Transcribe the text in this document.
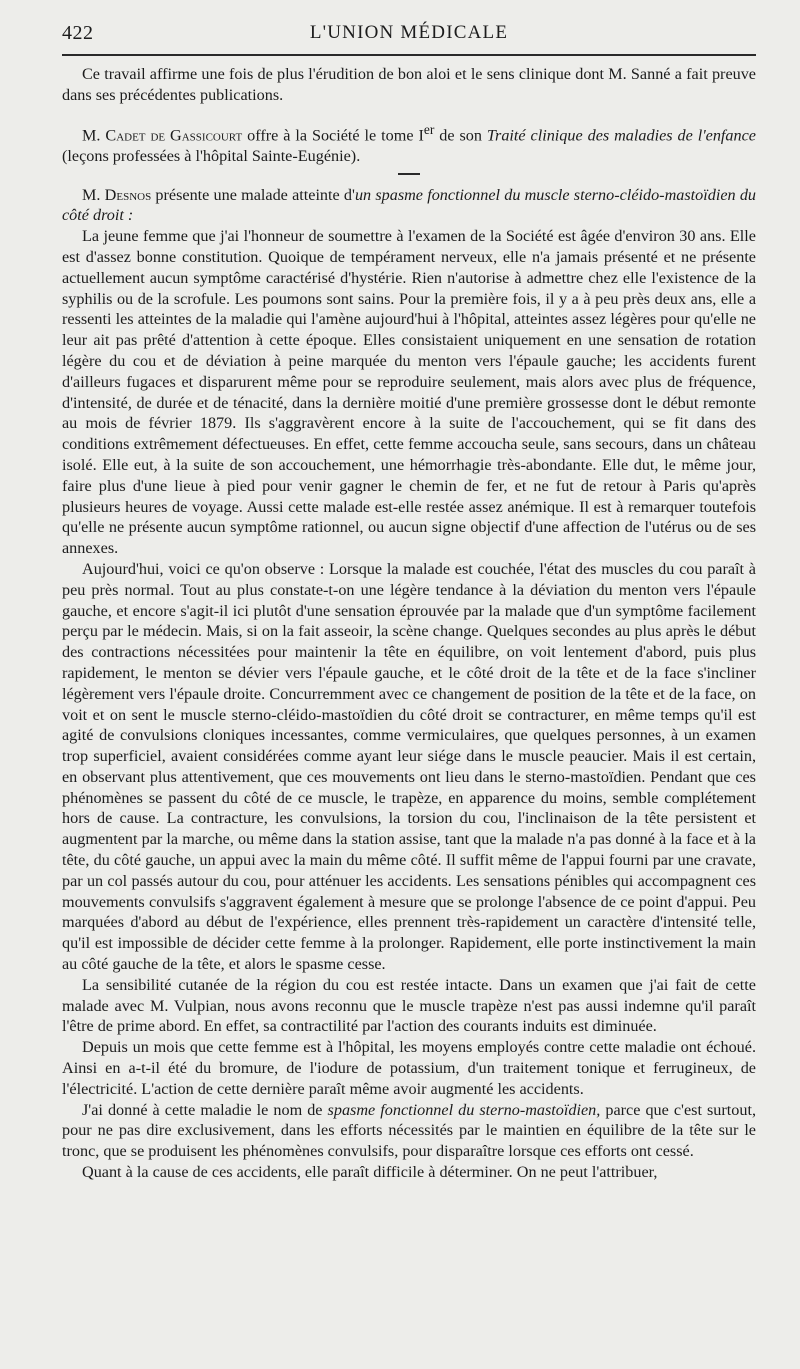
422	L'UNION MÉDICALE

Ce travail affirme une fois de plus l'érudition de bon aloi et le sens clinique dont M. Sanné a fait preuve dans ses précédentes publications.

M. Cadet de Gassicourt offre à la Société le tome Ier de son Traité clinique des maladies de l'enfance (leçons professées à l'hôpital Sainte-Eugénie).

M. Desnos présente une malade atteinte d'un spasme fonctionnel du muscle sterno-cléido-mastoïdien du côté droit :

La jeune femme que j'ai l'honneur de soumettre à l'examen de la Société est âgée d'environ 30 ans. Elle est d'assez bonne constitution. Quoique de tempérament nerveux, elle n'a jamais présenté et ne présente actuellement aucun symptôme caractérisé d'hystérie. Rien n'autorise à admettre chez elle l'existence de la syphilis ou de la scrofule. Les poumons sont sains. Pour la première fois, il y a à peu près deux ans, elle a ressenti les atteintes de la maladie qui l'amène aujourd'hui à l'hôpital, atteintes assez légères pour qu'elle ne leur ait pas prêté d'attention à cette époque. Elles consistaient uniquement en une sensation de rotation légère du cou et de déviation à peine marquée du menton vers l'épaule gauche; les accidents furent d'ailleurs fugaces et disparurent même pour se reproduire seulement, mais alors avec plus de fréquence, d'intensité, de durée et de ténacité, dans la dernière moitié d'une première grossesse dont le début remonte au mois de février 1879. Ils s'aggravèrent encore à la suite de l'accouchement, qui se fit dans des conditions extrêmement défectueuses. En effet, cette femme accoucha seule, sans secours, dans un château isolé. Elle eut, à la suite de son accouchement, une hémorrhagie très-abondante. Elle dut, le même jour, faire plus d'une lieue à pied pour venir gagner le chemin de fer, et ne fut de retour à Paris qu'après plusieurs heures de voyage. Aussi cette malade est-elle restée assez anémique. Il est à remarquer toutefois qu'elle ne présente aucun symptôme rationnel, ou aucun signe objectif d'une affection de l'utérus ou de ses annexes.

Aujourd'hui, voici ce qu'on observe : Lorsque la malade est couchée, l'état des muscles du cou paraît à peu près normal. Tout au plus constate-t-on une légère tendance à la déviation du menton vers l'épaule gauche, et encore s'agit-il ici plutôt d'une sensation éprouvée par la malade que d'un symptôme facilement perçu par le médecin. Mais, si on la fait asseoir, la scène change. Quelques secondes au plus après le début des contractions nécessitées pour maintenir la tête en équilibre, on voit lentement d'abord, puis plus rapidement, le menton se dévier vers l'épaule gauche, et le côté droit de la tête et de la face s'incliner légèrement vers l'épaule droite. Concurremment avec ce changement de position de la tête et de la face, on voit et on sent le muscle sterno-cléido-mastoïdien du côté droit se contracturer, en même temps qu'il est agité de convulsions cloniques incessantes, comme vermiculaires, que quelques personnes, à un examen trop superficiel, avaient considérées comme ayant leur siége dans le muscle peaucier. Mais il est certain, en observant plus attentivement, que ces mouvements ont lieu dans le sterno-mastoïdien. Pendant que ces phénomènes se passent du côté de ce muscle, le trapèze, en apparence du moins, semble complétement hors de cause. La contracture, les convulsions, la torsion du cou, l'inclinaison de la tête persistent et augmentent par la marche, ou même dans la station assise, tant que la malade n'a pas donné à la face et à la tête, du côté gauche, un appui avec la main du même côté. Il suffit même de l'appui fourni par une cravate, par un col passés autour du cou, pour atténuer les accidents. Les sensations pénibles qui accompagnent ces mouvements convulsifs s'aggravent également à mesure que se prolonge l'absence de ce point d'appui. Peu marquées d'abord au début de l'expérience, elles prennent très-rapidement un caractère d'intensité telle, qu'il est impossible de décider cette femme à la prolonger. Rapidement, elle porte instinctivement la main au côté gauche de la tête, et alors le spasme cesse.

La sensibilité cutanée de la région du cou est restée intacte. Dans un examen que j'ai fait de cette malade avec M. Vulpian, nous avons reconnu que le muscle trapèze n'est pas aussi indemne qu'il paraît l'être de prime abord. En effet, sa contractilité par l'action des courants induits est diminuée.

Depuis un mois que cette femme est à l'hôpital, les moyens employés contre cette maladie ont échoué. Ainsi en a-t-il été du bromure, de l'iodure de potassium, d'un traitement tonique et ferrugineux, de l'électricité. L'action de cette dernière paraît même avoir augmenté les accidents.

J'ai donné à cette maladie le nom de spasme fonctionnel du sterno-mastoïdien, parce que c'est surtout, pour ne pas dire exclusivement, dans les efforts nécessités par le maintien en équilibre de la tête sur le tronc, que se produisent les phénomènes convulsifs, pour disparaître lorsque ces efforts ont cessé.

Quant à la cause de ces accidents, elle paraît difficile à déterminer. On ne peut l'attribuer,
